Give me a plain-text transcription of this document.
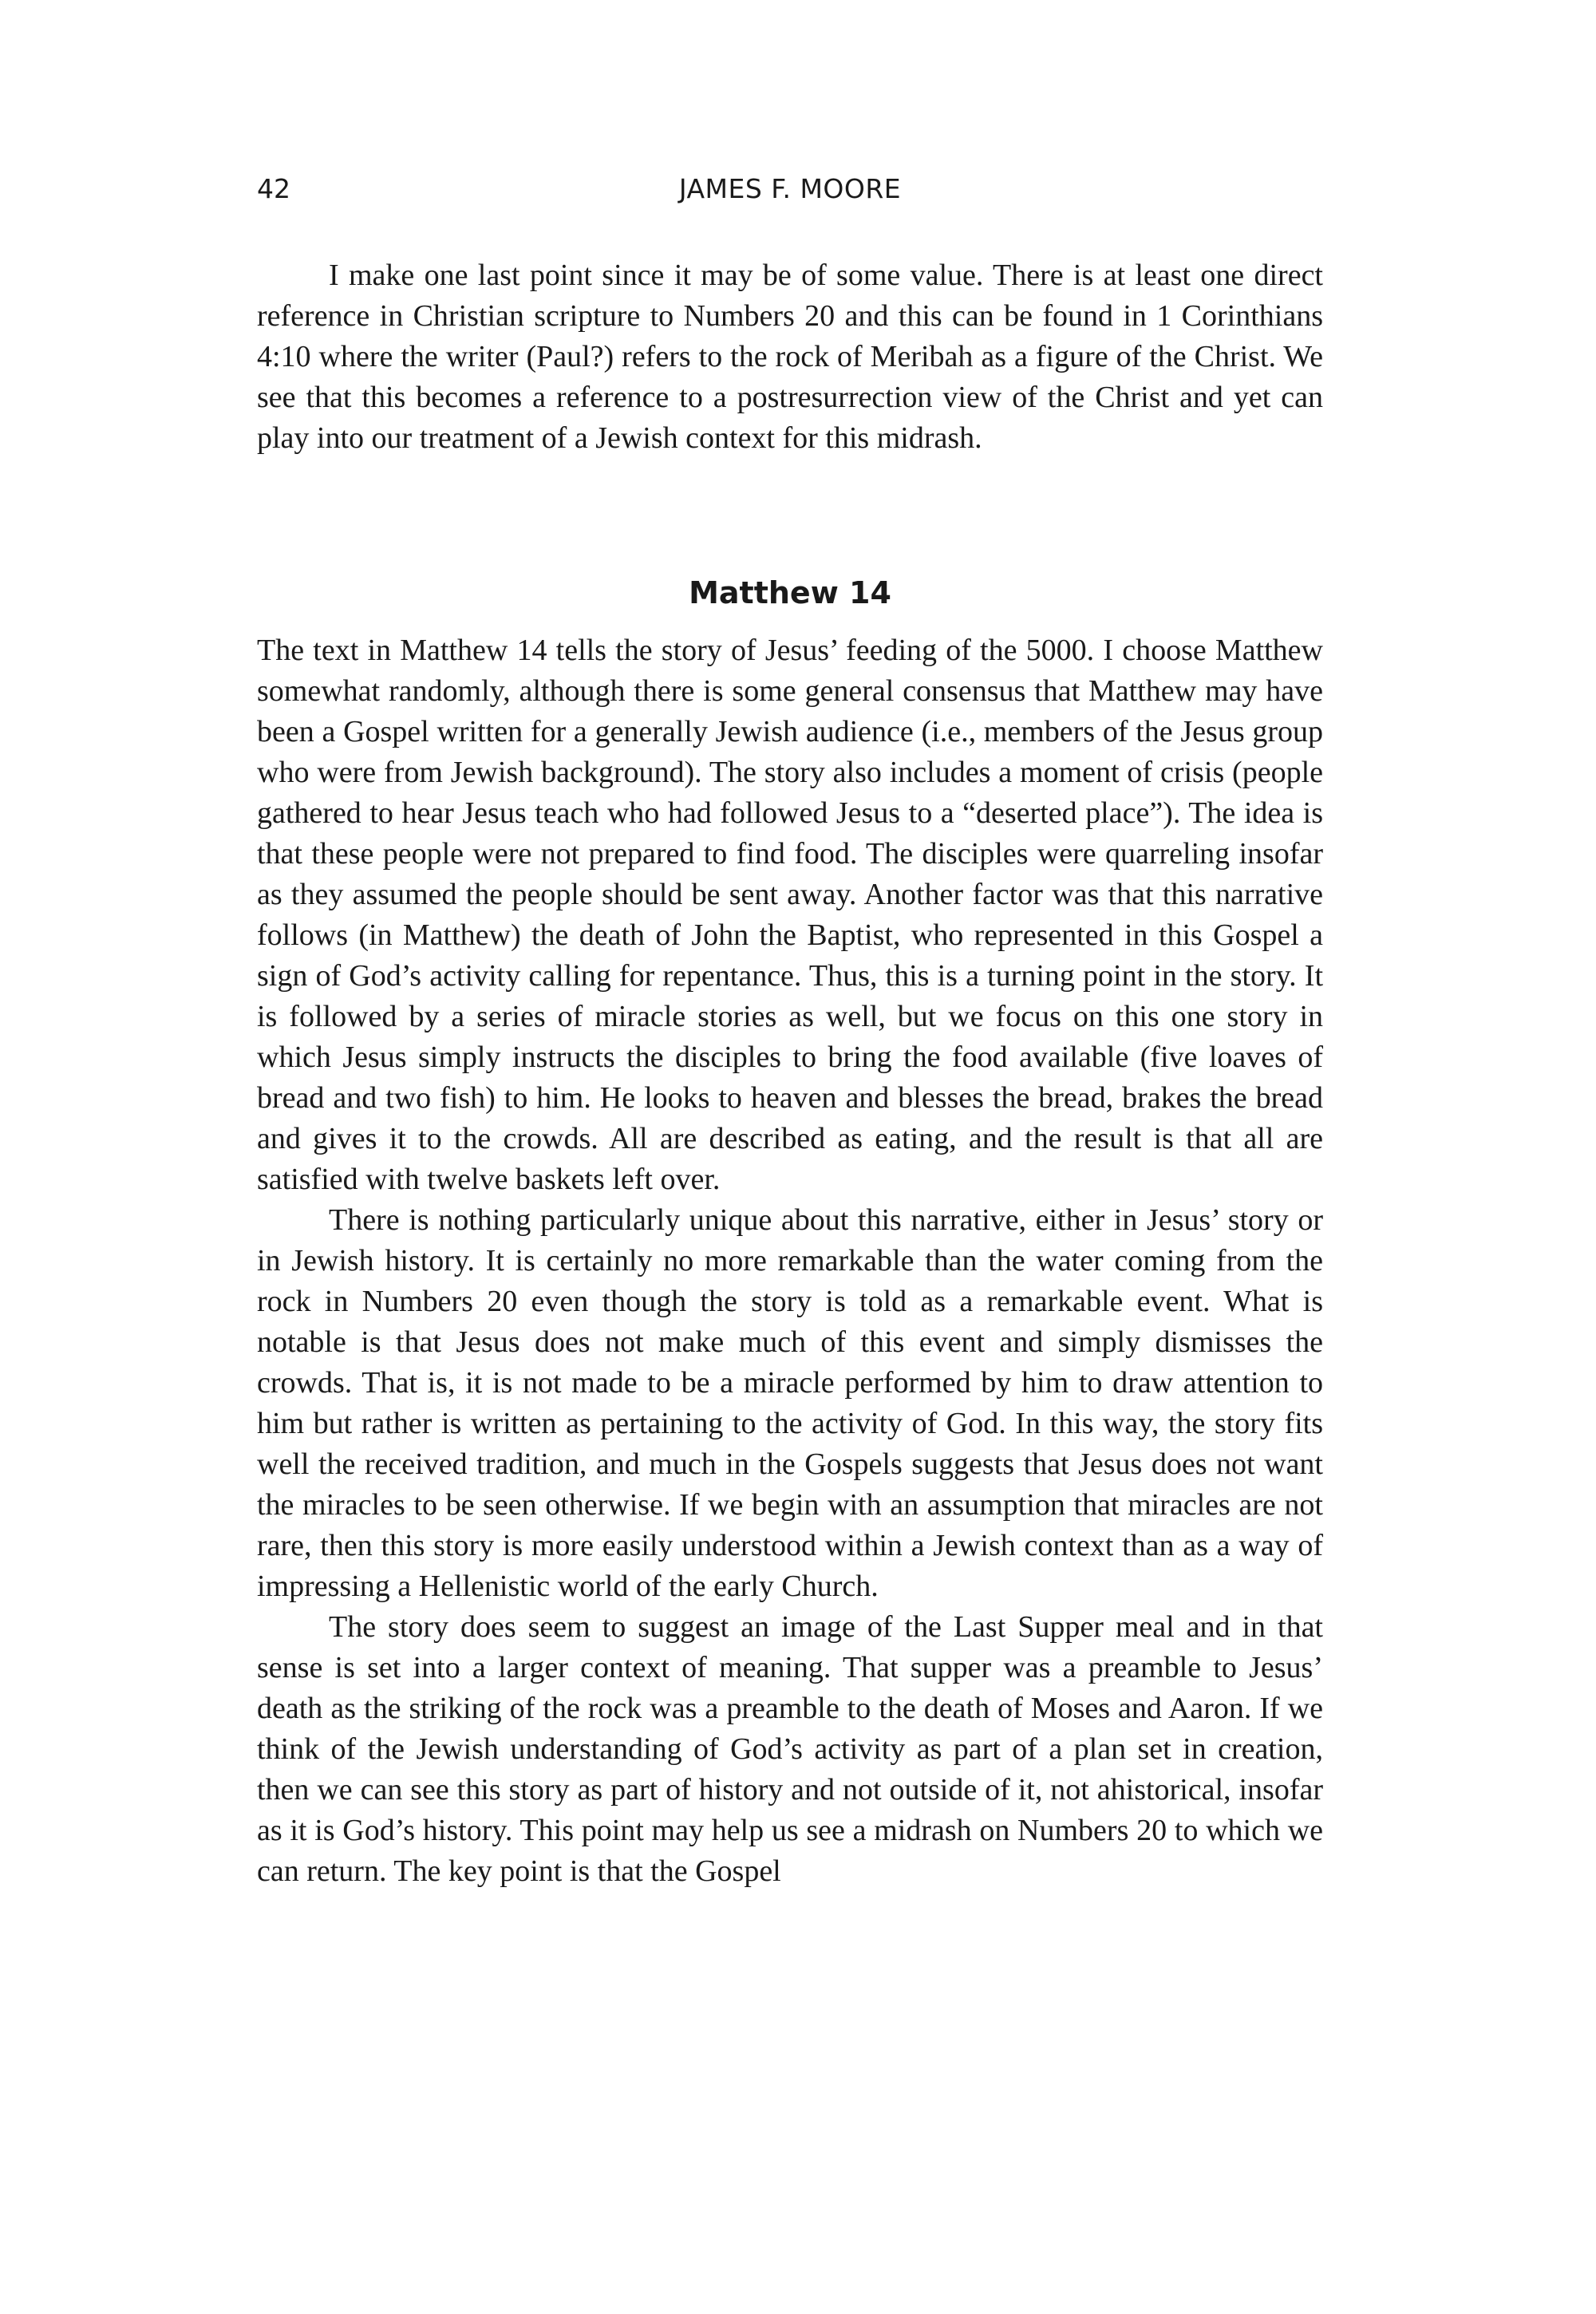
42	JAMES F. MOORE

I make one last point since it may be of some value. There is at least one direct reference in Christian scripture to Numbers 20 and this can be found in 1 Corinthians 4:10 where the writer (Paul?) refers to the rock of Meribah as a figure of the Christ. We see that this becomes a reference to a postresurrection view of the Christ and yet can play into our treatment of a Jewish context for this midrash.

Matthew 14

The text in Matthew 14 tells the story of Jesus’ feeding of the 5000. I choose Matthew somewhat randomly, although there is some general consensus that Matthew may have been a Gospel written for a generally Jewish audience (i.e., members of the Jesus group who were from Jewish background). The story also includes a moment of crisis (people gathered to hear Jesus teach who had followed Jesus to a “deserted place”). The idea is that these people were not prepared to find food. The disciples were quarreling insofar as they assumed the people should be sent away. Another factor was that this narrative follows (in Matthew) the death of John the Baptist, who represented in this Gospel a sign of God’s activity calling for repentance. Thus, this is a turning point in the story. It is followed by a series of miracle stories as well, but we focus on this one story in which Jesus simply instructs the disciples to bring the food available (five loaves of bread and two fish) to him. He looks to heaven and blesses the bread, brakes the bread and gives it to the crowds. All are described as eating, and the result is that all are satisfied with twelve baskets left over.

There is nothing particularly unique about this narrative, either in Jesus’ story or in Jewish history. It is certainly no more remarkable than the water coming from the rock in Numbers 20 even though the story is told as a remarkable event. What is notable is that Jesus does not make much of this event and simply dismisses the crowds. That is, it is not made to be a miracle performed by him to draw attention to him but rather is written as pertaining to the activity of God. In this way, the story fits well the received tradition, and much in the Gospels suggests that Jesus does not want the miracles to be seen otherwise. If we begin with an assumption that miracles are not rare, then this story is more easily understood within a Jewish context than as a way of impressing a Hellenistic world of the early Church.

The story does seem to suggest an image of the Last Supper meal and in that sense is set into a larger context of meaning. That supper was a preamble to Jesus’ death as the striking of the rock was a preamble to the death of Moses and Aaron. If we think of the Jewish understanding of God’s activity as part of a plan set in creation, then we can see this story as part of history and not outside of it, not ahistorical, insofar as it is God’s history. This point may help us see a midrash on Numbers 20 to which we can return. The key point is that the Gospel
